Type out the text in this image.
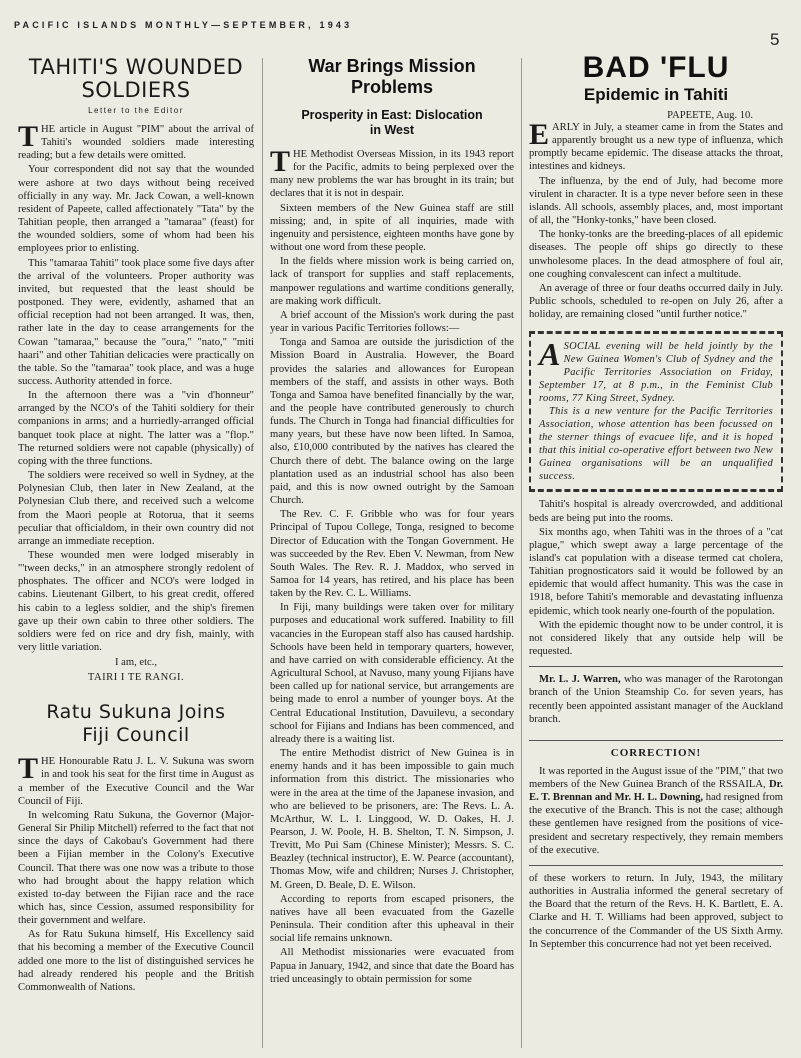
PACIFIC ISLANDS MONTHLY—SEPTEMBER, 1943
5
TAHITI'S WOUNDED
SOLDIERS
Letter to the Editor

THE article in August "PIM" about the arrival of Tahiti's wounded soldiers made interesting reading; but a few details were omitted.

Your correspondent did not say that the wounded were ashore at two days without being received officially in any way. Mr. Jack Cowan, a well-known resident of Papeete, called affectionately "Tata" by the Tahitian people, then arranged a "tamaraa" (feast) for the wounded soldiers, some of whom had been his employees prior to enlisting.

This "tamaraa Tahiti" took place some five days after the arrival of the volunteers. Proper authority was invited, but requested that the least should be postponed. They were, evidently, ashamed that an official reception had not been arranged. It was, then, rather late in the day to cease arrangements for the Cowan "tamaraa," because the "oura," "nato," "miti haari" and other Tahitian delicacies were practically on the table. So the "tamaraa" took place, and was a huge success. Authority attended in force.

In the afternoon there was a "vin d'honneur" arranged by the NCO's of the Tahiti soldiery for their companions in arms; and a hurriedly-arranged official banquet took place at night. The latter was a "flop." The returned soldiers were not capable (physically) of coping with the three functions.

The soldiers were received so well in Sydney, at the Polynesian Club, then later in New Zealand, at the Polynesian Club there, and received such a welcome from the Maori people at Rotorua, that it seems peculiar that officialdom, in their own country did not arrange an immediate reception.

These wounded men were lodged miserably in "'tween decks," in an atmosphere strongly redolent of phosphates. The officer and NCO's were lodged in cabins. Lieutenant Gilbert, to his great credit, offered his cabin to a legless soldier, and the ship's firemen gave up their own cabin to three other soldiers. The soldiers were fed on rice and dry fish, mainly, with very little variation.

I am, etc.,
TAIRI I TE RANGI.
Ratu Sukuna Joins
Fiji Council

THE Honourable Ratu J. L. V. Sukuna was sworn in and took his seat for the first time in August as a member of the Executive Council and the War Council of Fiji.

In welcoming Ratu Sukuna, the Governor (Major-General Sir Philip Mitchell) referred to the fact that not since the days of Cakobau's Government had there been a Fijian member in the Colony's Executive Council. That there was one now was a tribute to those who had brought about the happy relation which existed to-day between the Fijian race and the race which has, since Cession, assumed responsibility for their government and welfare.

As for Ratu Sukuna himself, His Excellency said that his becoming a member of the Executive Council added one more to the list of distinguished services he had already rendered his people and the British Commonwealth of Nations.

War Brings Mission
Problems
Prosperity in East: Dislocation
in West

THE Methodist Overseas Mission, in its 1943 report for the Pacific, admits to being perplexed over the many new problems the war has brought in its train; but declares that it is not in despair.

Sixteen members of the New Guinea staff are still missing; and, in spite of all inquiries, made with ingenuity and persistence, eighteen months have gone by without one word from these people.

In the fields where mission work is being carried on, lack of transport for supplies and staff replacements, manpower regulations and wartime conditions generally, are making work difficult.

A brief account of the Mission's work during the past year in various Pacific Territories follows:—

Tonga and Samoa are outside the jurisdiction of the Mission Board in Australia. However, the Board provides the salaries and allowances for European members of the staff, and assists in other ways. Both Tonga and Samoa have benefited financially by the war, and the people have contributed generously to church funds. The Church in Tonga had financial difficulties for many years, but these have now been lifted. In Samoa, also, £10,000 contributed by the natives has cleared the Church there of debt. The balance owing on the large plantation used as an industrial school has also been paid, and this is now owned outright by the Samoan Church.

The Rev. C. F. Gribble who was for four years Principal of Tupou College, Tonga, resigned to become Director of Education with the Tongan Government. He was succeeded by the Rev. Eben V. Newman, from New South Wales. The Rev. R. J. Maddox, who served in Samoa for 14 years, has retired, and his place has been taken by the Rev. C. L. Williams.

In Fiji, many buildings were taken over for military purposes and educational work suffered. Inability to fill vacancies in the European staff also has caused hardship. Schools have been held in temporary quarters, however, and have carried on with considerable efficiency. At the Agricultural School, at Navuso, many young Fijians have been called up for national service, but arrangements are being made to enrol a number of younger boys. At the Central Educational Institution, Davuilevu, a secondary school for Fijians and Indians has been commenced, and already there is a waiting list.

The entire Methodist district of New Guinea is in enemy hands and it has been impossible to gain much information from this district. The missionaries who were in the area at the time of the Japanese invasion, and who are believed to be prisoners, are: The Revs. L. A. McArthur, W. L. I. Linggood, W. D. Oakes, H. J. Pearson, J. W. Poole, H. B. Shelton, T. N. Simpson, J. Trevitt, Mo Pui Sam (Chinese Minister); Messrs. S. C. Beazley (technical instructor), E. W. Pearce (accountant), Thomas Mow, wife and children; Nurses J. Christopher, M. Green, D. Beale, D. E. Wilson.

According to reports from escaped prisoners, the natives have all been evacuated from the Gazelle Peninsula. Their condition after this upheaval in their social life remains unknown.

All Methodist missionaries were evacuated from Papua in January, 1942, and since that date the Board has tried unceasingly to obtain permission for some

BAD 'FLU
Epidemic in Tahiti
PAPEETE, Aug. 10.

EARLY in July, a steamer came in from the States and apparently brought us a new type of influenza, which promptly became epidemic. The disease attacks the throat, intestines and kidneys.

The influenza, by the end of July, had become more virulent in character. It is a type never before seen in these islands. All schools, assembly places, and, most important of all, the "Honky-tonks," have been closed.

The honky-tonks are the breeding-places of all epidemic diseases. The people off ships go directly to these unwholesome places. In the dead atmosphere of foul air, one coughing convalescent can infect a multitude.

An average of three or four deaths occurred daily in July. Public schools, scheduled to re-open on July 26, after a holiday, are remaining closed "until further notice."

ASOCIAL evening will be held jointly by the New Guinea Women's Club of Sydney and the Pacific Territories Association on Friday, September 17, at 8 p.m., in the Feminist Club rooms, 77 King Street, Sydney.

This is a new venture for the Pacific Territories Association, whose attention has been focussed on the sterner things of evacuee life, and it is hoped that this initial co-operative effort between two New Guinea organisations will be an unqualified success.

Tahiti's hospital is already overcrowded, and additional beds are being put into the rooms.

Six months ago, when Tahiti was in the throes of a "cat plague," which swept away a large percentage of the island's cat population with a disease termed cat cholera, Tahitian prognosticators said it would be followed by an epidemic that would affect humanity. This was the case in 1918, before Tahiti's memorable and devastating influenza epidemic, which took nearly one-fourth of the population.

With the epidemic thought now to be under control, it is not considered likely that any outside help will be requested.

Mr. L. J. Warren, who was manager of the Rarotongan branch of the Union Steamship Co. for seven years, has recently been appointed assistant manager of the Auckland branch.

CORRECTION!

It was reported in the August issue of the "PIM," that two members of the New Guinea Branch of the RSSAILA, Dr. E. T. Brennan and Mr. H. L. Downing, had resigned from the executive of the Branch. This is not the case; although these gentlemen have resigned from the positions of vice-president and secretary respectively, they remain members of the executive.

of these workers to return. In July, 1943, the military authorities in Australia informed the general secretary of the Board that the return of the Revs. H. K. Bartlett, E. A. Clarke and H. T. Williams had been approved, subject to the concurrence of the Commander of the US Sixth Army. In September this concurrence had not yet been received.
